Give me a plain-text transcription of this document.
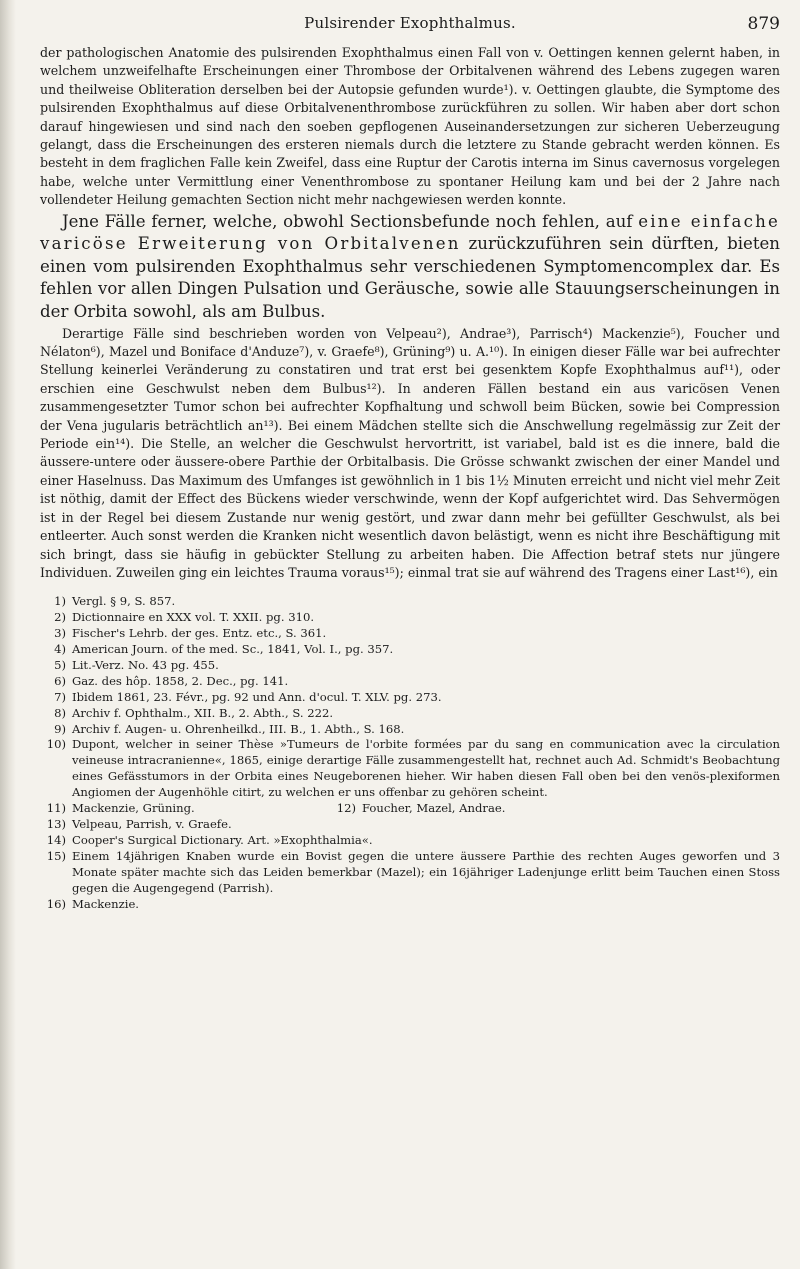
Pulsirender Exophthalmus.	879

der pathologischen Anatomie des pulsirenden Exophthalmus einen Fall von v. Oettingen kennen gelernt haben, in welchem unzweifelhafte Erscheinungen einer Thrombose der Orbitalvenen während des Lebens zugegen waren und theilweise Obliteration derselben bei der Autopsie gefunden wurde¹). v. Oettingen glaubte, die Symptome des pulsirenden Exophthalmus auf diese Orbitalvenenthrombose zurückführen zu sollen. Wir haben aber dort schon darauf hingewiesen und sind nach den soeben gepflogenen Auseinandersetzungen zur sicheren Ueberzeugung gelangt, dass die Erscheinungen des ersteren niemals durch die letztere zu Stande gebracht werden können. Es besteht in dem fraglichen Falle kein Zweifel, dass eine Ruptur der Carotis interna im Sinus cavernosus vorgelegen habe, welche unter Vermittlung einer Venenthrombose zu spontaner Heilung kam und bei der 2 Jahre nach vollendeter Heilung gemachten Section nicht mehr nachgewiesen werden konnte.

Jene Fälle ferner, welche, obwohl Sectionsbefunde noch fehlen, auf eine einfache varicöse Erweiterung von Orbitalvenen zurückzuführen sein dürften, bieten einen vom pulsirenden Exophthalmus sehr verschiedenen Symptomencomplex dar. Es fehlen vor allen Dingen Pulsation und Geräusche, sowie alle Stauungserscheinungen in der Orbita sowohl, als am Bulbus.

Derartige Fälle sind beschrieben worden von Velpeau²), Andrae³), Parrisch⁴) Mackenzie⁵), Foucher und Nélaton⁶), Mazel und Boniface d'Anduze⁷), v. Graefe⁸), Grüning⁹) u. A.¹⁰). In einigen dieser Fälle war bei aufrechter Stellung keinerlei Veränderung zu constatiren und trat erst bei gesenktem Kopfe Exophthalmus auf¹¹), oder erschien eine Geschwulst neben dem Bulbus¹²). In anderen Fällen bestand ein aus varicösen Venen zusammengesetzter Tumor schon bei aufrechter Kopfhaltung und schwoll beim Bücken, sowie bei Compression der Vena jugularis beträchtlich an¹³). Bei einem Mädchen stellte sich die Anschwellung regelmässig zur Zeit der Periode ein¹⁴). Die Stelle, an welcher die Geschwulst hervortritt, ist variabel, bald ist es die innere, bald die äussere-untere oder äussere-obere Parthie der Orbitalbasis. Die Grösse schwankt zwischen der einer Mandel und einer Haselnuss. Das Maximum des Umfanges ist gewöhnlich in 1 bis 1½ Minuten erreicht und nicht viel mehr Zeit ist nöthig, damit der Effect des Bückens wieder verschwinde, wenn der Kopf aufgerichtet wird. Das Sehvermögen ist in der Regel bei diesem Zustande nur wenig gestört, und zwar dann mehr bei gefüllter Geschwulst, als bei entleerter. Auch sonst werden die Kranken nicht wesentlich davon belästigt, wenn es nicht ihre Beschäftigung mit sich bringt, dass sie häufig in gebückter Stellung zu arbeiten haben. Die Affection betraf stets nur jüngere Individuen. Zuweilen ging ein leichtes Trauma voraus¹⁵); einmal trat sie auf während des Tragens einer Last¹⁶), ein

1) Vergl. § 9, S. 857.
2) Dictionnaire en XXX vol. T. XXII. pg. 310.
3) Fischer's Lehrb. der ges. Entz. etc., S. 361.
4) American Journ. of the med. Sc., 1841, Vol. I., pg. 357.
5) Lit.-Verz. No. 43 pg. 455.
6) Gaz. des hôp. 1858, 2. Dec., pg. 141.
7) Ibidem 1861, 23. Févr., pg. 92 und Ann. d'ocul. T. XLV. pg. 273.
8) Archiv f. Ophthalm., XII. B., 2. Abth., S. 222.
9) Archiv f. Augen- u. Ohrenheilkd., III. B., 1. Abth., S. 168.
10) Dupont, welcher in seiner Thèse »Tumeurs de l'orbite formées par du sang en communication avec la circulation veineuse intracranienne«, 1865, einige derartige Fälle zusammengestellt hat, rechnet auch Ad. Schmidt's Beobachtung eines Gefässtumors in der Orbita eines Neugeborenen hieher. Wir haben diesen Fall oben bei den venös-plexiformen Angiomen der Augenhöhle citirt, zu welchen er uns offenbar zu gehören scheint.
11) Mackenzie, Grüning.	12) Foucher, Mazel, Andrae.
13) Velpeau, Parrish, v. Graefe.
14) Cooper's Surgical Dictionary. Art. »Exophthalmia«.
15) Einem 14jährigen Knaben wurde ein Bovist gegen die untere äussere Parthie des rechten Auges geworfen und 3 Monate später machte sich das Leiden bemerkbar (Mazel); ein 16jähriger Ladenjunge erlitt beim Tauchen einen Stoss gegen die Augengegend (Parrish).
16) Mackenzie.
